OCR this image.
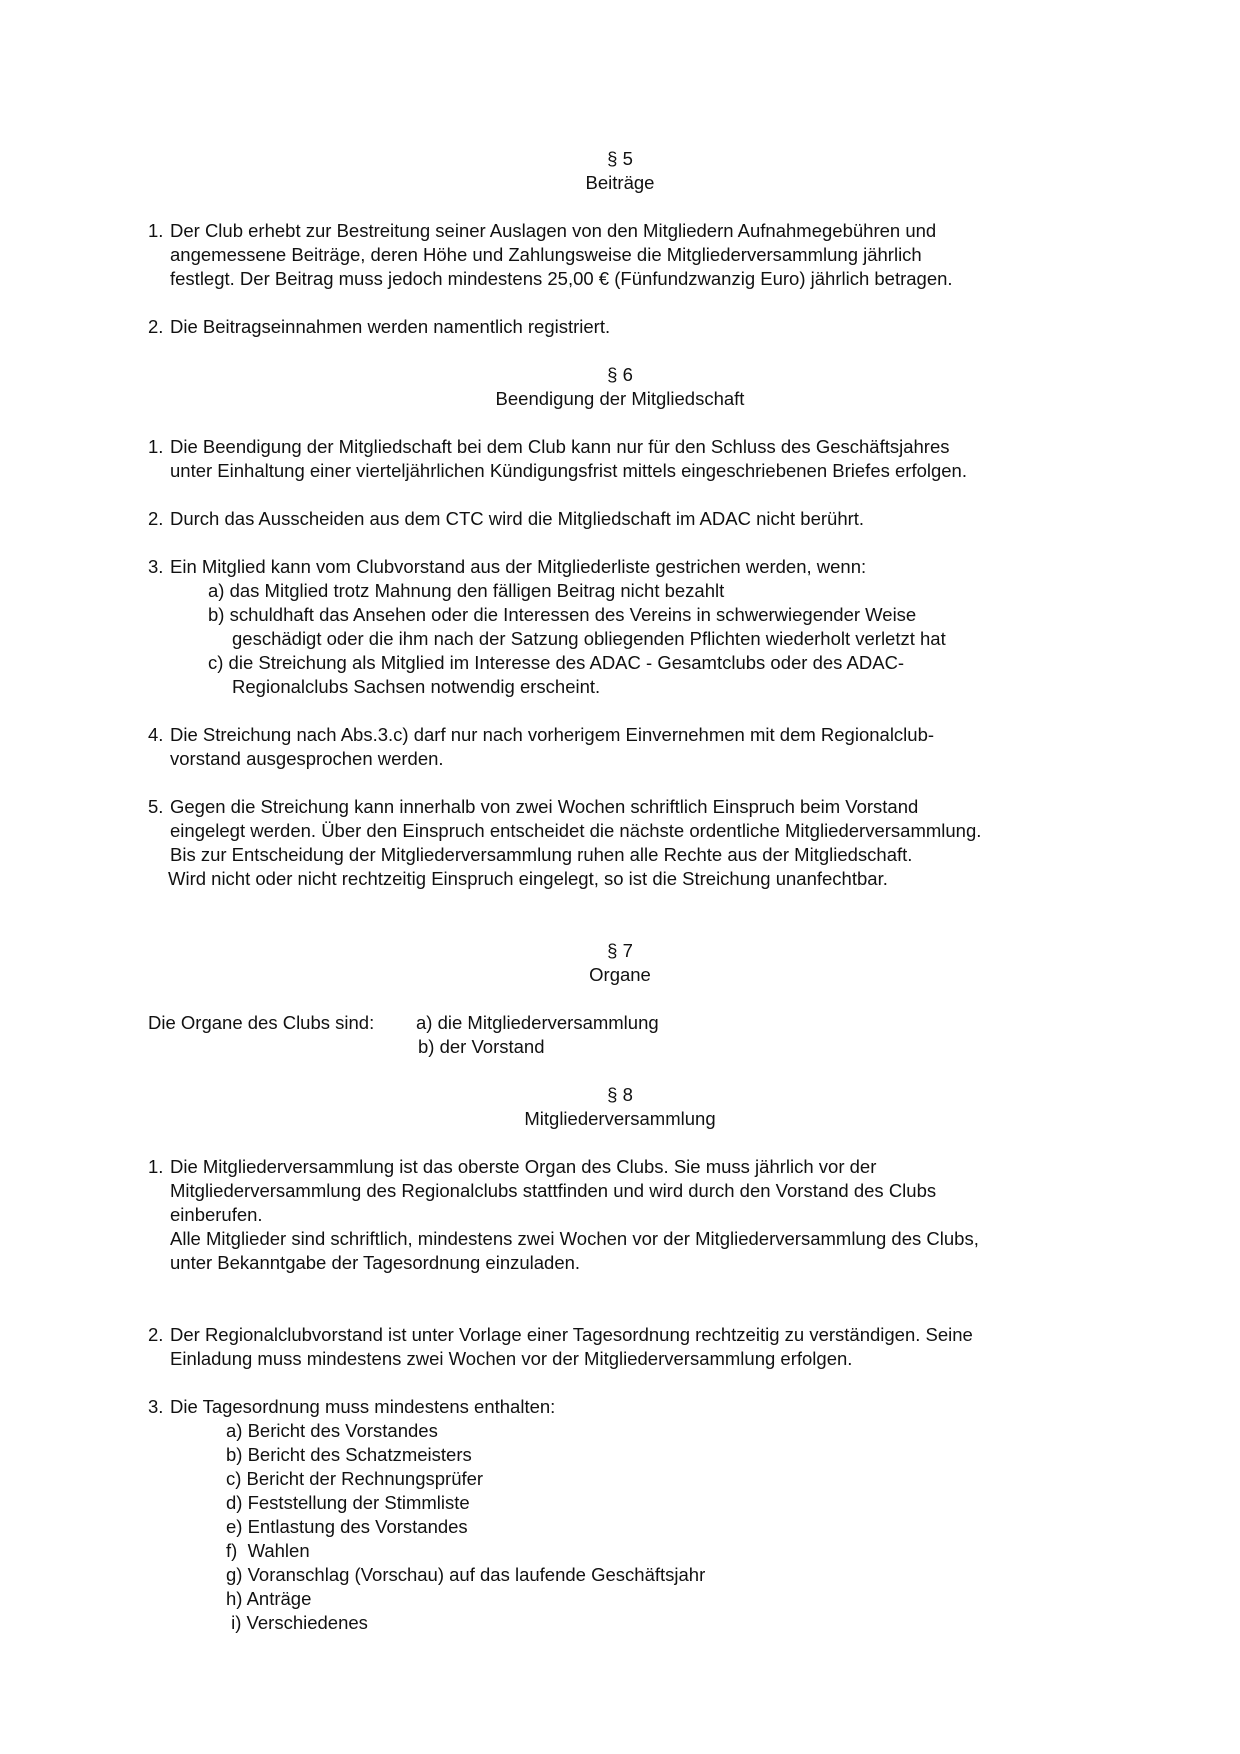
§ 5
Beiträge
1. Der Club erhebt zur Bestreitung seiner Auslagen von den Mitgliedern Aufnahmegebühren und
angemessene Beiträge, deren Höhe und Zahlungsweise die Mitgliederversammlung jährlich
festlegt. Der Beitrag muss jedoch mindestens 25,00 € (Fünfundzwanzig Euro) jährlich betragen.
2. Die Beitragseinnahmen werden namentlich registriert.
§ 6
Beendigung der Mitgliedschaft
1. Die Beendigung der Mitgliedschaft bei dem Club kann nur für den Schluss des Geschäftsjahres
unter Einhaltung einer vierteljährlichen Kündigungsfrist mittels eingeschriebenen Briefes erfolgen.
2. Durch das Ausscheiden aus dem CTC wird die Mitgliedschaft im ADAC nicht berührt.
3. Ein Mitglied kann vom Clubvorstand aus der Mitgliederliste gestrichen werden, wenn:
a) das Mitglied trotz Mahnung den fälligen Beitrag nicht bezahlt
b) schuldhaft das Ansehen oder die Interessen des Vereins in schwerwiegender Weise
geschädigt oder die ihm nach der Satzung obliegenden Pflichten wiederholt verletzt hat
c) die Streichung als Mitglied im Interesse des ADAC - Gesamtclubs oder des ADAC-
Regionalclubs Sachsen notwendig erscheint.
4. Die Streichung nach Abs.3.c) darf nur nach vorherigem Einvernehmen mit dem Regionalclub-
vorstand ausgesprochen werden.
5. Gegen die Streichung kann innerhalb von zwei Wochen schriftlich Einspruch beim Vorstand
eingelegt werden. Über den Einspruch entscheidet die nächste ordentliche Mitgliederversammlung.
Bis zur Entscheidung der Mitgliederversammlung ruhen alle Rechte aus der Mitgliedschaft.
Wird nicht oder nicht rechtzeitig Einspruch eingelegt, so ist die Streichung unanfechtbar.
§ 7
Organe
Die Organe des Clubs sind: a) die Mitgliederversammlung
b) der Vorstand
§ 8
Mitgliederversammlung
1. Die Mitgliederversammlung ist das oberste Organ des Clubs. Sie muss jährlich vor der
Mitgliederversammlung des Regionalclubs stattfinden und wird durch den Vorstand des Clubs
einberufen.
Alle Mitglieder sind schriftlich, mindestens zwei Wochen vor der Mitgliederversammlung des Clubs,
unter Bekanntgabe der Tagesordnung einzuladen.
2. Der Regionalclubvorstand ist unter Vorlage einer Tagesordnung rechtzeitig zu verständigen. Seine
Einladung muss mindestens zwei Wochen vor der Mitgliederversammlung erfolgen.
3. Die Tagesordnung muss mindestens enthalten:
a) Bericht des Vorstandes
b) Bericht des Schatzmeisters
c) Bericht der Rechnungsprüfer
d) Feststellung der Stimmliste
e) Entlastung des Vorstandes
f)  Wahlen
g) Voranschlag (Vorschau) auf das laufende Geschäftsjahr
h) Anträge
i) Verschiedenes
